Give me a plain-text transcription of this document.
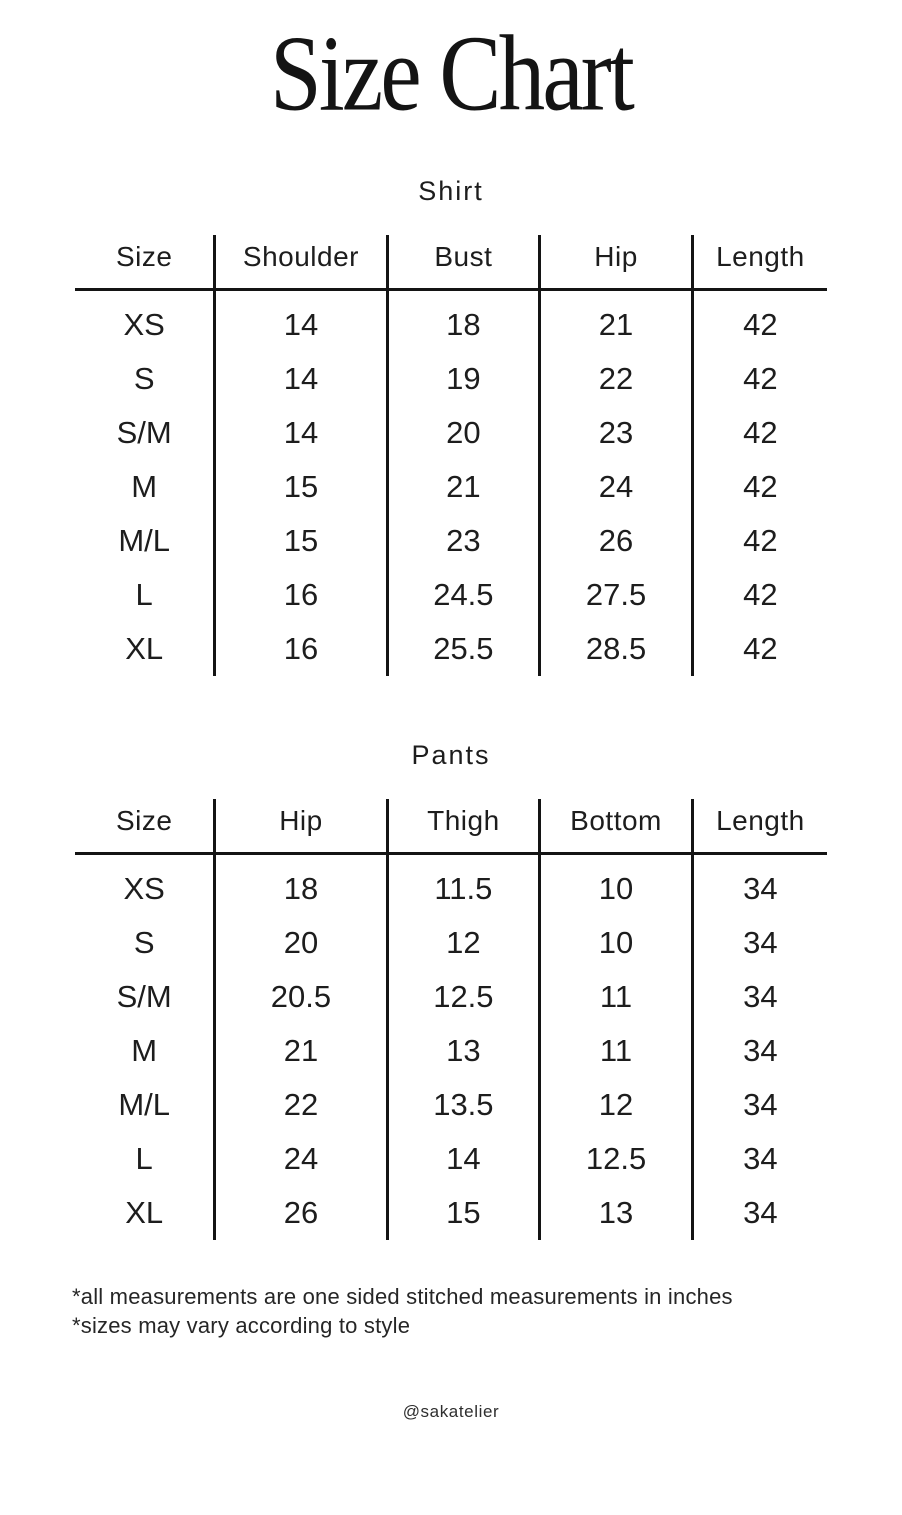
Size Chart
Shirt
Size	Shoulder	Bust	Hip	Length
XS	14	18	21	42
S	14	19	22	42
S/M	14	20	23	42
M	15	21	24	42
M/L	15	23	26	42
L	16	24.5	27.5	42
XL	16	25.5	28.5	42
Pants
Size	Hip	Thigh	Bottom	Length
XS	18	11.5	10	34
S	20	12	10	34
S/M	20.5	12.5	11	34
M	21	13	11	34
M/L	22	13.5	12	34
L	24	14	12.5	34
XL	26	15	13	34

*all measurements are one sided stitched measurements in inches

*sizes may vary according to style

@sakatelier
